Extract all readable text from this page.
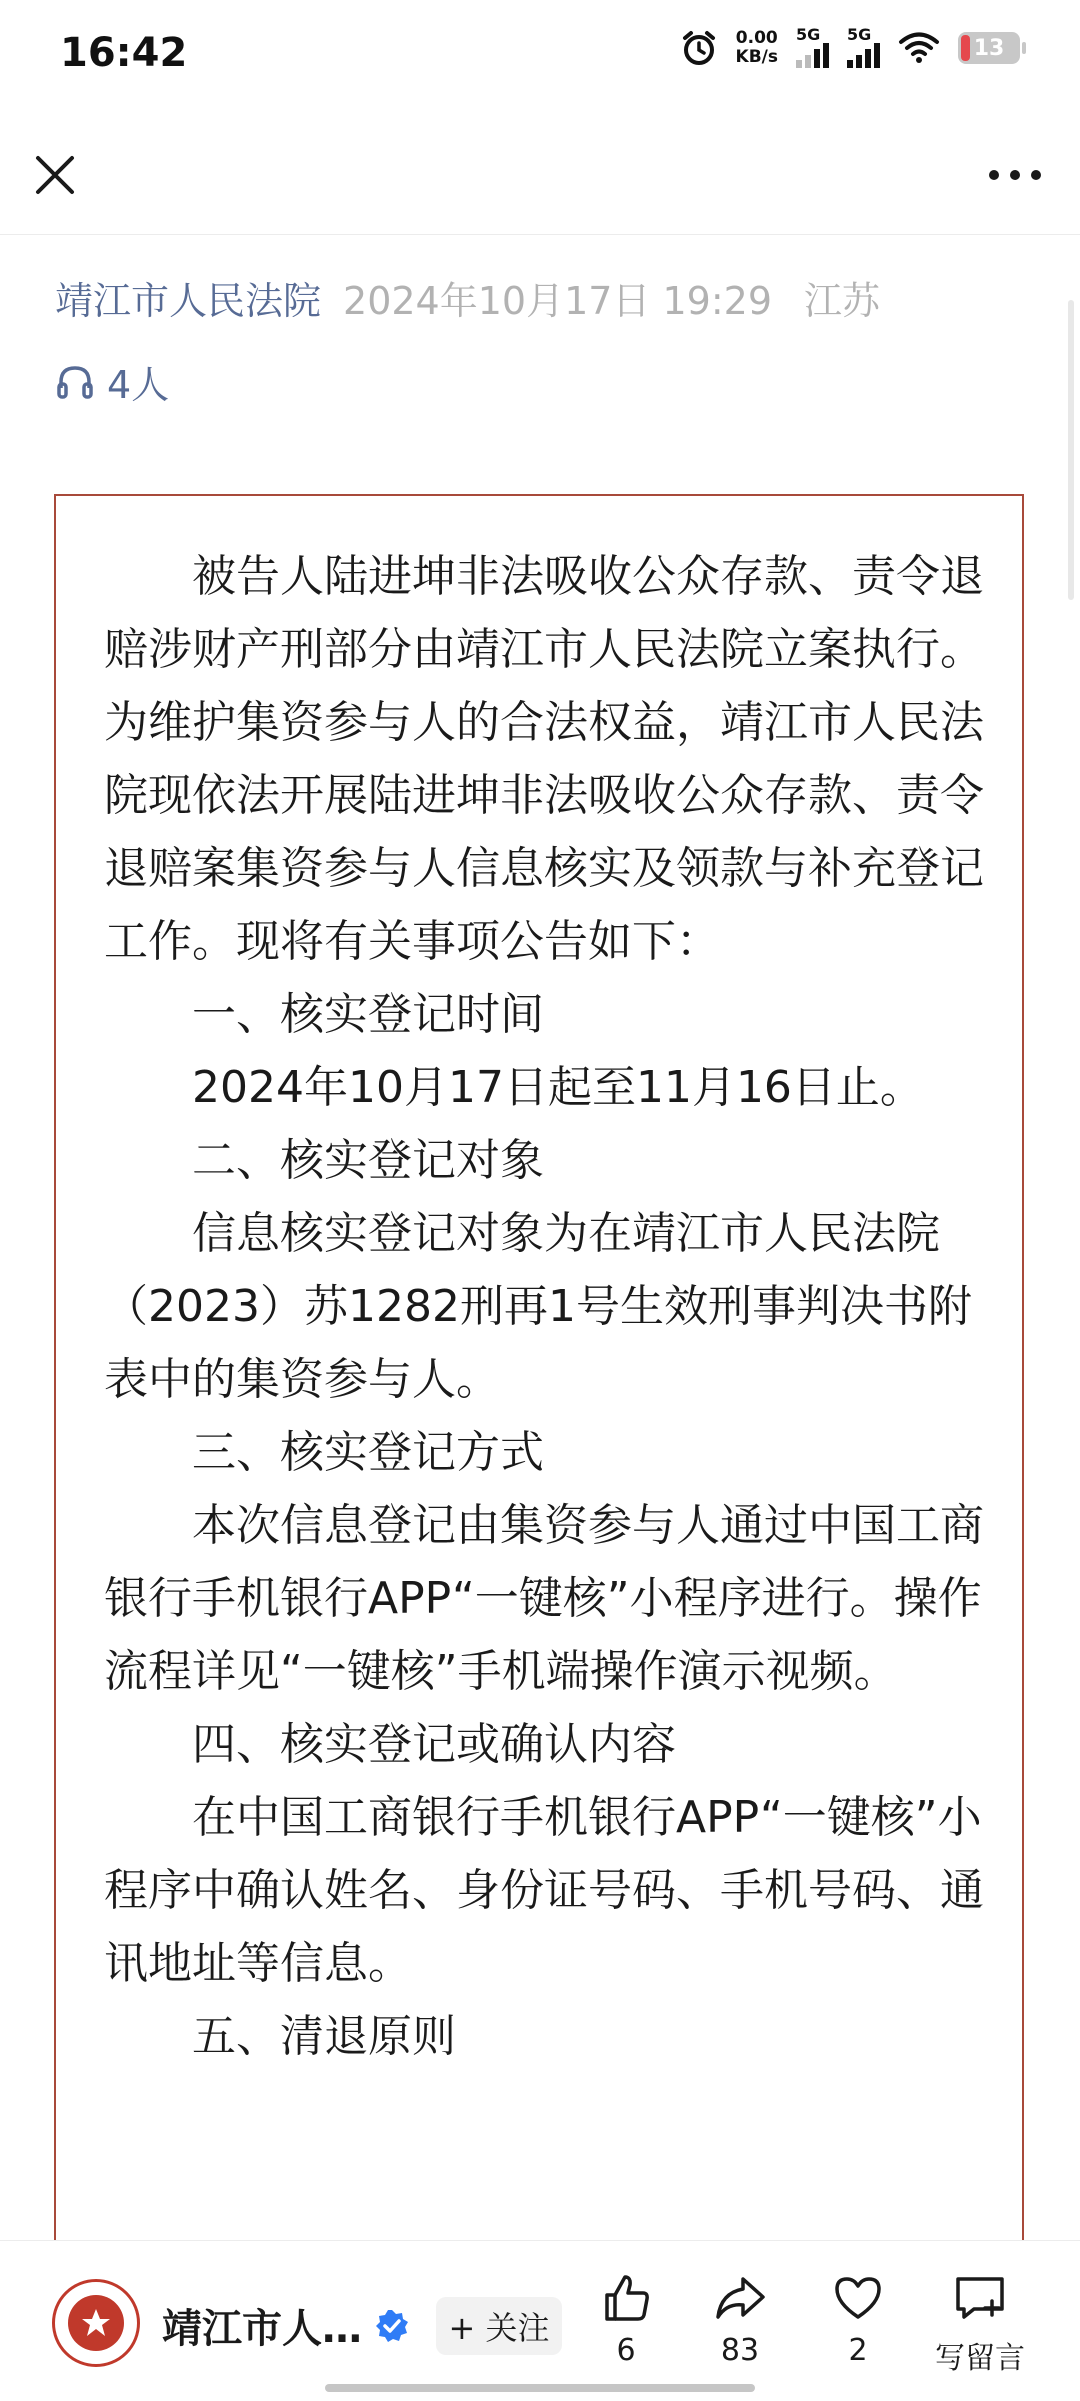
16:42	0.00
KB/s
5G 5G
13
靖江市人民法院 2024年10月17日 19:29 江苏
4人

被告人陆进坤非法吸收公众存款、责令退赔涉财产刑部分由靖江市人民法院立案执行。为维护集资参与人的合法权益，靖江市人民法院现依法开展陆进坤非法吸收公众存款、责令退赔案集资参与人信息核实及领款与补充登记工作。现将有关事项公告如下：

一、核实登记时间

2024年10月17日起至11月16日止。

二、核实登记对象

信息核实登记对象为在靖江市人民法院（2023）苏1282刑再1号生效刑事判决书附表中的集资参与人。

三、核实登记方式

本次信息登记由集资参与人通过中国工商银行手机银行APP“一键核”小程序进行。操作流程详见“一键核”手机端操作演示视频。

四、核实登记或确认内容

在中国工商银行手机银行APP“一键核”小程序中确认姓名、身份证号码、手机号码、通讯地址等信息。

五、清退原则

靖江市人…	+ 关注
6	83	2 写留言
